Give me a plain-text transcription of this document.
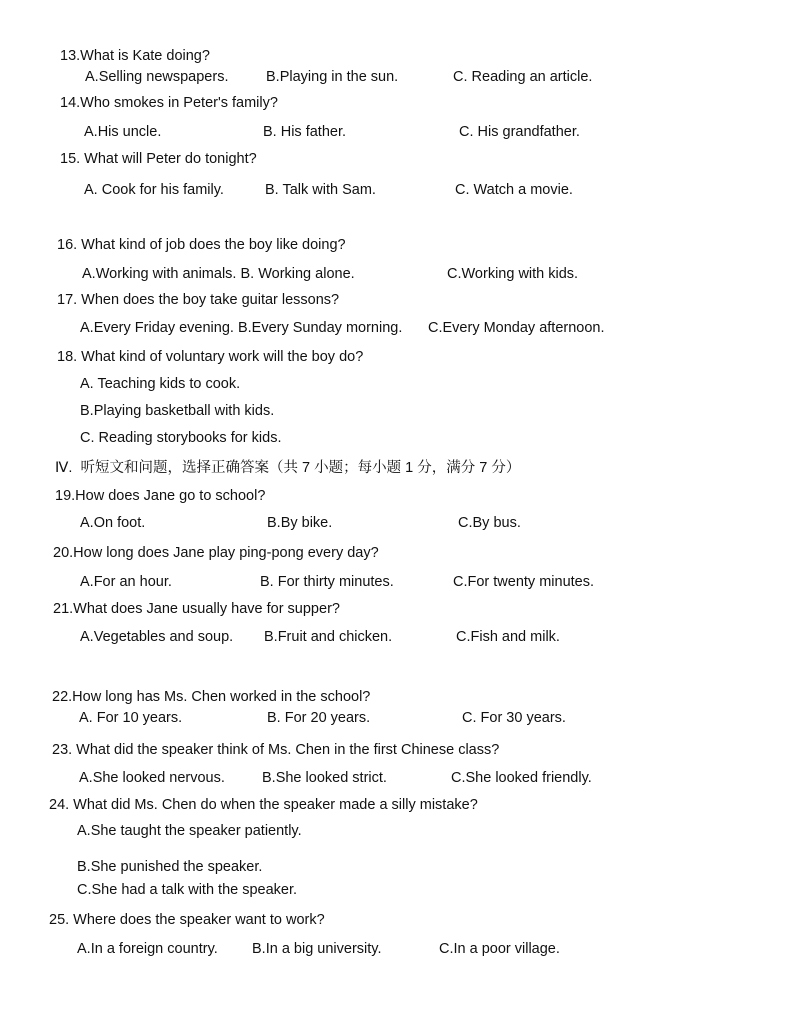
13.What is Kate doing?
A.Selling newspapers.	B.Playing in the sun.	C. Reading an article.
14.Who smokes in Peter's family?
A.His uncle.	B. His father.	C. His grandfather.
15. What will Peter do tonight?
A. Cook for his family.	B. Talk with Sam.	C. Watch a movie.
16. What kind of job does the boy like doing?
A.Working with animals. B. Working alone.	C.Working with kids.
17. When does the boy take guitar lessons?
A.Every Friday evening. B.Every Sunday morning. C.Every Monday afternoon.
18. What kind of voluntary work will the boy do?
A. Teaching kids to cook.
B.Playing basketball with kids.
C. Reading storybooks for kids.
Ⅳ.  听短文和问题，选择正确答案（共 7 小题；每小题 1 分，满分 7 分）
19.How does Jane go to school?
A.On foot.	B.By bike.	C.By bus.
20.How long does Jane play ping-pong every day?
A.For an hour.	B. For thirty minutes.	C.For twenty minutes.
21.What does Jane usually have for supper?
A.Vegetables and soup. B.Fruit and chicken.	C.Fish and milk.
22.How long has Ms. Chen worked in the school?
A. For 10 years.	B. For 20 years.	C. For 30 years.
23. What did the speaker think of Ms. Chen in the first Chinese class?
A.She looked nervous.	B.She looked strict.	C.She looked friendly.
24. What did Ms. Chen do when the speaker made a silly mistake?
A.She taught the speaker patiently.
B.She punished the speaker.
C.She had a talk with the speaker.
25. Where does the speaker want to work?
A.In a foreign country. B.In a big university.	C.In a poor village.
